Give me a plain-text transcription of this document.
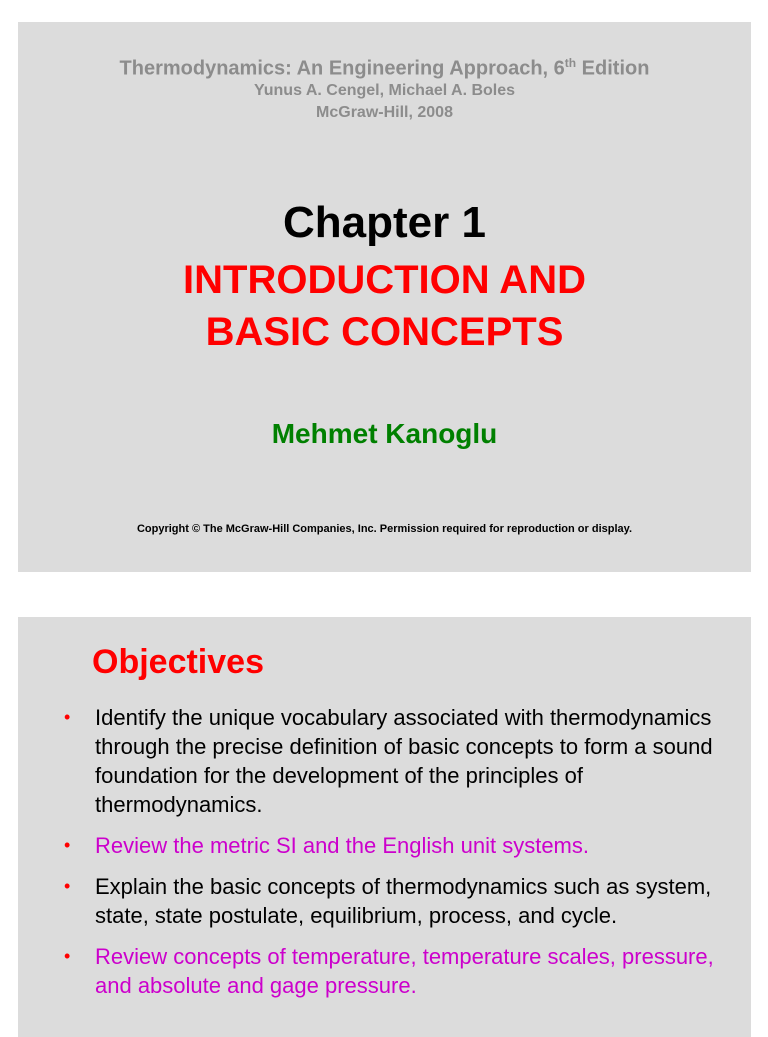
Thermodynamics: An Engineering Approach, 6th Edition
Yunus A. Cengel, Michael A. Boles
McGraw-Hill, 2008
Chapter 1
INTRODUCTION AND
BASIC CONCEPTS
Mehmet Kanoglu
Copyright © The McGraw-Hill Companies, Inc. Permission required for reproduction or display.
Objectives
• Identify the unique vocabulary associated with thermodynamics through the precise definition of basic concepts to form a sound foundation for the development of the principles of thermodynamics.
• Review the metric SI and the English unit systems.
• Explain the basic concepts of thermodynamics such as system, state, state postulate, equilibrium, process, and cycle.
• Review concepts of temperature, temperature scales, pressure, and absolute and gage pressure.
